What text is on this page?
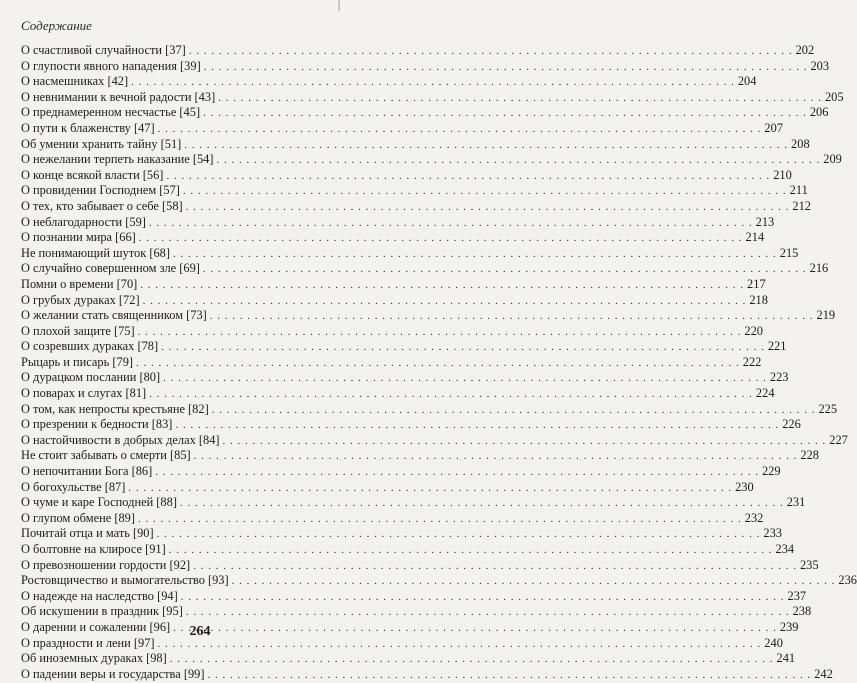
Содержание
О счастливой случайности [37] . . .	202
О глупости явного нападения [39] . . .	203
О насмешниках [42] . . .	204
О невнимании к вечной радости [43] . . .	205
О преднамеренном несчастье [45] . . .	206
О пути к блаженству [47] . . .	207
Об умении хранить тайну [51] . . .	208
О нежелании терпеть наказание [54] . . .	209
О конце всякой власти [56] . . .	210
О провидении Господнем [57] . . .	211
О тех, кто забывает о себе [58] . . .	212
О неблагодарности [59] . . .	213
О познании мира [66] . . .	214
Не понимающий шуток [68] . . .	215
О случайно совершенном зле [69] . . .	216
Помни о времени [70] . . .	217
О грубых дураках [72] . . .	218
О желании стать священником [73] . . .	219
О плохой защите [75] . . .	220
О созревших дураках [78] . . .	221
Рыцарь и писарь [79] . . .	222
О дурацком послании [80] . . .	223
О поварах и слугах [81] . . .	224
О том, как непросты крестьяне [82] . . .	225
О презрении к бедности [83] . . .	226
О настойчивости в добрых делах [84] . . .	227
Не стоит забывать о смерти [85] . . .	228
О непочитании Бога [86] . . .	229
О богохульстве [87] . . .	230
О чуме и каре Господней [88] . . .	231
О глупом обмене [89] . . .	232
Почитай отца и мать [90] . . .	233
О болтовне на клиросе [91] . . .	234
О превозношении гордости [92] . . .	235
Ростовщичество и вымогательство [93] . . .	236
О надежде на наследство [94] . . .	237
Об искушении в праздник [95] . . .	238
О дарении и сожалении [96] . . .	239
О праздности и лени [97] . . .	240
Об иноземных дураках [98] . . .	241
О падении веры и государства [99] . . .	242
264
